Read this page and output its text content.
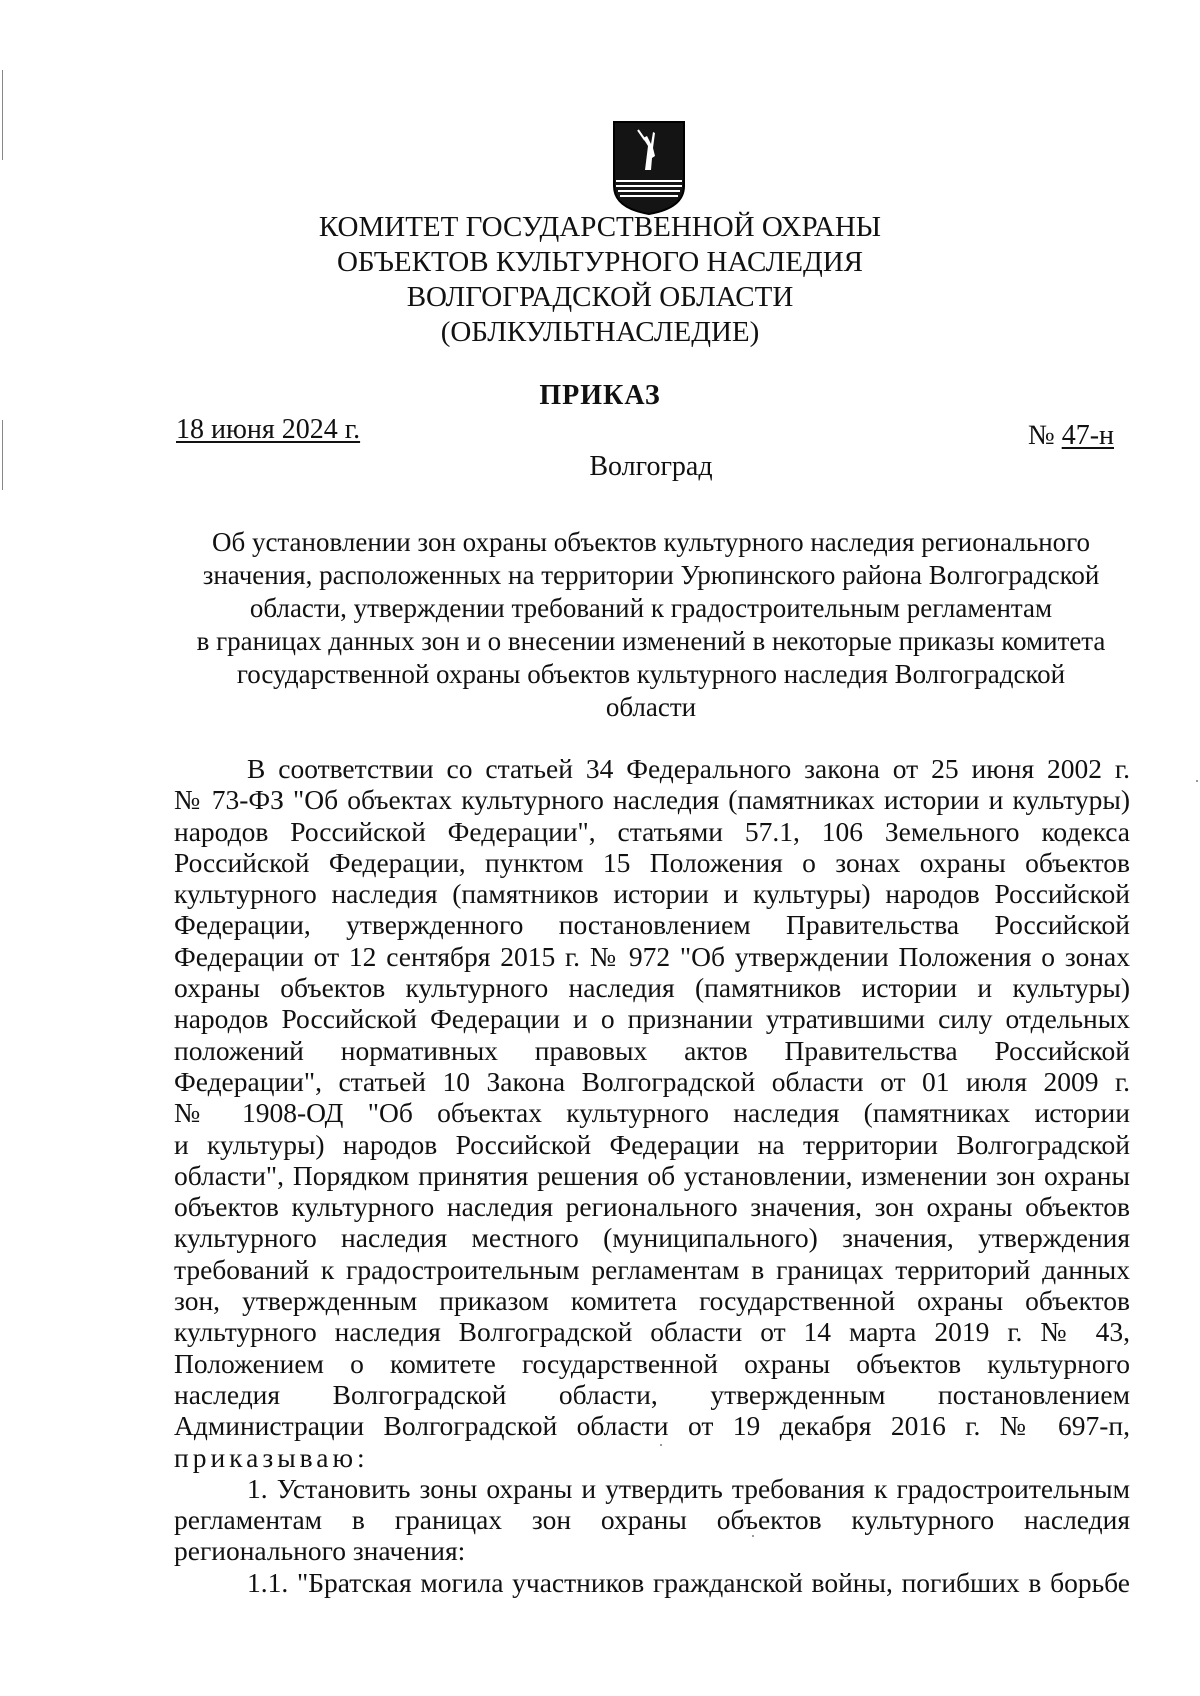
КОМИТЕТ ГОСУДАРСТВЕННОЙ ОХРАНЫ
ОБЪЕКТОВ КУЛЬТУРНОГО НАСЛЕДИЯ
ВОЛГОГРАДСКОЙ ОБЛАСТИ
(ОБЛКУЛЬТНАСЛЕДИЕ)
ПРИКАЗ
18 июня 2024 г.	№ 47-н
Волгоград
Об установлении зон охраны объектов культурного наследия регионального
значения, расположенных на территории Урюпинского района Волгоградской
области, утверждении требований к градостроительным регламентам
в границах данных зон и о внесении изменений в некоторые приказы комитета
государственной охраны объектов культурного наследия Волгоградской
области
В соответствии со статьей 34 Федерального закона от 25 июня 2002 г.
№ 73-ФЗ "Об объектах культурного наследия (памятниках истории и культуры)
народов Российской Федерации", статьями 57.1, 106 Земельного кодекса
Российской Федерации, пунктом 15 Положения о зонах охраны объектов
культурного наследия (памятников истории и культуры) народов Российской
Федерации, утвержденного постановлением Правительства Российской
Федерации от 12 сентября 2015 г. № 972 "Об утверждении Положения о зонах
охраны объектов культурного наследия (памятников истории и культуры)
народов Российской Федерации и о признании утратившими силу отдельных
положений нормативных правовых актов Правительства Российской
Федерации", статьей 10 Закона Волгоградской области от 01 июля 2009 г.
№ 1908-ОД "Об объектах культурного наследия (памятниках истории
и культуры) народов Российской Федерации на территории Волгоградской
области", Порядком принятия решения об установлении, изменении зон охраны
объектов культурного наследия регионального значения, зон охраны объектов
культурного наследия местного (муниципального) значения, утверждения
требований к градостроительным регламентам в границах территорий данных
зон, утвержденным приказом комитета государственной охраны объектов
культурного наследия Волгоградской области от 14 марта 2019 г. № 43,
Положением о комитете государственной охраны объектов культурного
наследия Волгоградской области, утвержденным постановлением
Администрации Волгоградской области от 19 декабря 2016 г. № 697-п,
приказываю:
1. Установить зоны охраны и утвердить требования к градостроительным
регламентам в границах зон охраны объектов культурного наследия
регионального значения:
1.1. "Братская могила участников гражданской войны, погибших в борьбе
